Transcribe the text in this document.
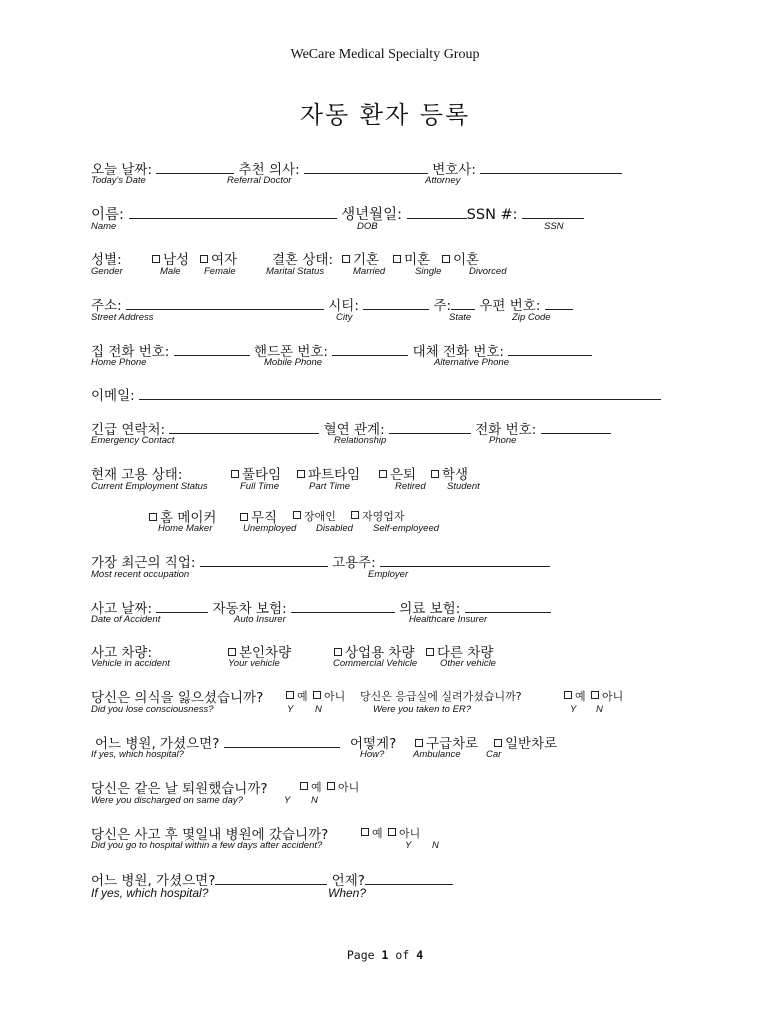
WeCare Medical Specialty Group
자동 환자 등록
오늘 날짜:	추천 의사:	변호사:
Today's Date	Referral Doctor	Attorney
이름:	생년월일:	SSN #:
Name	DOB	SSN
성별:	남성	여자	결혼 상태:	기혼	미혼	이혼
Gender	Male Female	Marital Status	Married	Single	Divorced
주소:	시티:	주: 우편 번호:
Street Address	City	State	Zip Code
집 전화 번호:	핸드폰 번호:	대체 전화 번호:
Home Phone	Mobile Phone	Alternative Phone
이메일:
긴급 연락처:	혈연 관계:	전화 번호:
Emergency Contact	Relationship	Phone
현재 고용 상태:	풀타임	파트타임	은퇴	학생
Current Employment Status	Full Time	Part Time	Retired Student
홈 메이커	무직	장애인	자영업자
Home Maker	Unemployed Disabled Self-employeed
가장 최근의 직업:	고용주:
Most recent occupation	Employer
사고 날짜:	자동차 보험:	의료 보험:
Date of Accident	Auto Insurer	Healthcare Insurer
사고 차량:	본인차량	상업용 차량	다른 차량
Vehicle in accident	Your vehicle	Commercial Vehicle Other vehicle
당신은 의식을 잃으셨습니까?	예	아니 당신은 응급실에 실려가셨습니까?	예	아니
Did you lose consciousness?	Y N	Were you taken to ER?	Y N
어느 병원, 가셨으면?	어떻게?	구급차로	일반차로
If yes, which hospital?	How?	Ambulance	Car
당신은 같은 날 퇴원했습니까?	예	아니
Were you discharged on same day?	Y N
당신은 사고 후 몇일내 병원에 갔습니까?	예	아니
Did you go to hospital within a few days after accident?	Y N
어느 병원, 가셨으면?	언제?
If yes, which hospital?	When?
Page 1 of 4
